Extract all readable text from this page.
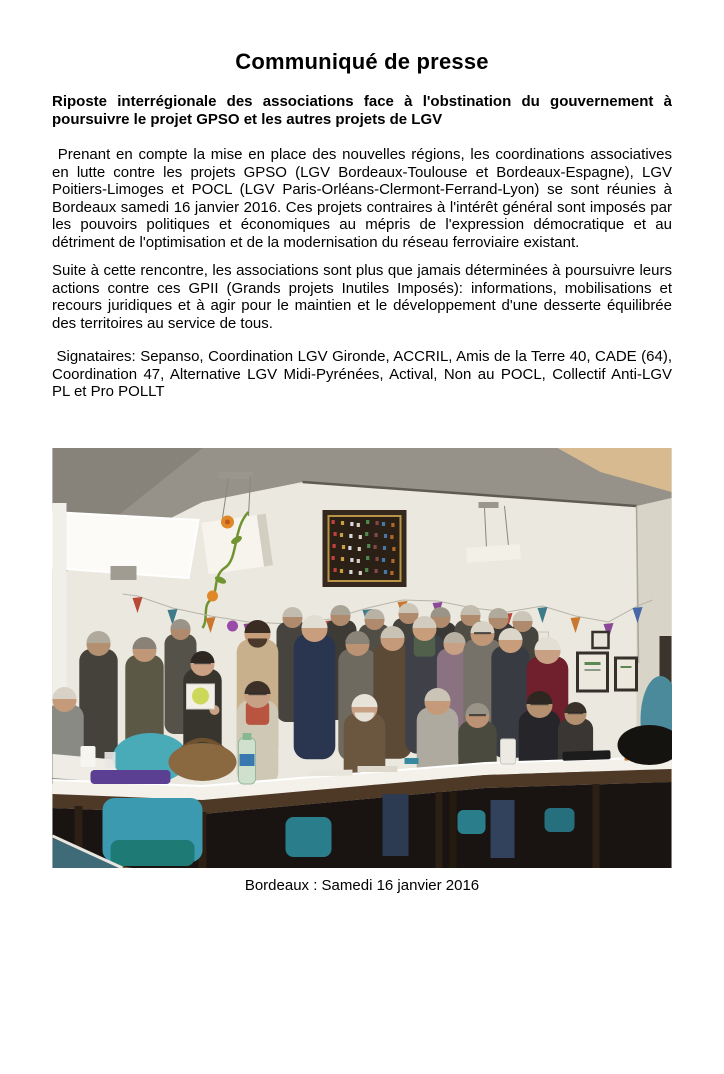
Communiqué de presse

Riposte interrégionale des associations face à l'obstination du gouvernement à poursuivre le projet GPSO et les autres projets de LGV

Prenant en compte la mise en place des nouvelles régions, les coordinations associatives en lutte contre les projets GPSO (LGV Bordeaux-Toulouse et Bordeaux-Espagne), LGV Poitiers-Limoges et POCL (LGV Paris-Orléans-Clermont-Ferrand-Lyon) se sont réunies à Bordeaux samedi 16 janvier 2016. Ces projets contraires à l'intérêt général sont imposés par les pouvoirs politiques et économiques au mépris de l'expression démocratique et au détriment de l'optimisation et de la modernisation du réseau ferroviaire existant.

Suite à cette rencontre, les associations sont plus que jamais déterminées à poursuivre leurs actions contre ces GPII (Grands projets Inutiles Imposés): informations, mobilisations et recours juridiques et à agir pour le maintien et le développement d'une desserte équilibrée des territoires au service de tous.

Signataires: Sepanso, Coordination LGV Gironde, ACCRIL, Amis de la Terre 40, CADE (64), Coordination 47, Alternative LGV Midi-Pyrénées, Actival, Non au POCL, Collectif Anti-LGV PL et Pro POLLT

Bordeaux : Samedi 16 janvier 2016
